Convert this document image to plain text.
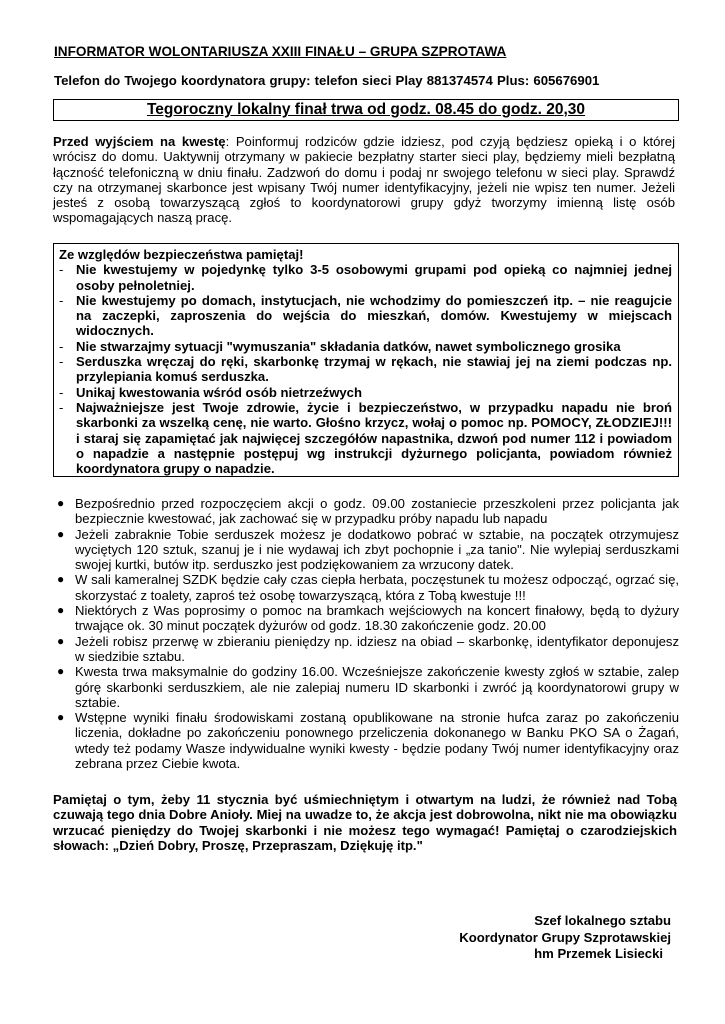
INFORMATOR WOLONTARIUSZA XXIII FINAŁU – GRUPA SZPROTAWA
Telefon do Twojego koordynatora grupy: telefon sieci Play 881374574 Plus: 605676901
Tegoroczny lokalny finał trwa od godz. 08.45 do godz. 20,30
Przed wyjściem na kwestę: Poinformuj rodziców gdzie idziesz, pod czyją będziesz opieką i o której wrócisz do domu. Uaktywnij otrzymany w pakiecie bezpłatny starter sieci play, będziemy mieli bezpłatną łączność telefoniczną w dniu finału. Zadzwoń do domu i podaj nr swojego telefonu w sieci play. Sprawdź czy na otrzymanej skarbonce jest wpisany Twój numer identyfikacyjny, jeżeli nie wpisz ten numer. Jeżeli jesteś z osobą towarzyszącą zgłoś to koordynatorowi grupy gdyż tworzymy imienną listę osób wspomagających naszą pracę.

Ze względów bezpieczeństwa pamiętaj!

- Nie kwestujemy w pojedynkę tylko 3-5 osobowymi grupami pod opieką co najmniej jednej osoby pełnoletniej.
- Nie kwestujemy po domach, instytucjach, nie wchodzimy do pomieszczeń itp. – nie reagujcie na zaczepki, zaproszenia do wejścia do mieszkań, domów. Kwestujemy w miejscach widocznych.
- Nie stwarzajmy sytuacji "wymuszania" składania datków, nawet symbolicznego grosika
- Serduszka wręczaj do ręki, skarbonkę trzymaj w rękach, nie stawiaj jej na ziemi podczas np. przylepiania komuś serduszka.
- Unikaj kwestowania wśród osób nietrzeźwych
- Najważniejsze jest Twoje zdrowie, życie i bezpieczeństwo, w przypadku napadu nie broń skarbonki za wszelką cenę, nie warto. Głośno krzycz, wołaj o pomoc np. POMOCY, ZŁODZIEJ!!! i staraj się zapamiętać jak najwięcej szczegółów napastnika, dzwoń pod numer 112 i powiadom o napadzie a następnie postępuj wg instrukcji dyżurnego policjanta, powiadom również koordynatora grupy o napadzie.
● Bezpośrednio przed rozpoczęciem akcji o godz. 09.00 zostaniecie przeszkoleni przez policjanta jak bezpiecznie kwestować, jak zachować się w przypadku próby napadu lub napadu
● Jeżeli zabraknie Tobie serduszek możesz je dodatkowo pobrać w sztabie, na początek otrzymujesz wyciętych 120 sztuk, szanuj je i nie wydawaj ich zbyt pochopnie i „za tanio". Nie wylepiaj serduszkami swojej kurtki, butów itp. serduszko jest podziękowaniem za wrzucony datek.
● W sali kameralnej SZDK będzie cały czas ciepła herbata, poczęstunek tu możesz odpocząć, ogrzać się, skorzystać z toalety, zaproś też osobę towarzyszącą, która z Tobą kwestuje !!!
● Niektórych z Was poprosimy o pomoc na bramkach wejściowych na koncert finałowy, będą to dyżury trwające ok. 30 minut początek dyżurów od godz. 18.30 zakończenie godz. 20.00
● Jeżeli robisz przerwę w zbieraniu pieniędzy np. idziesz na obiad – skarbonkę, identyfikator deponujesz w siedzibie sztabu.
● Kwesta trwa maksymalnie do godziny 16.00. Wcześniejsze zakończenie kwesty zgłoś w sztabie, zalep górę skarbonki serduszkiem, ale nie zalepiaj numeru ID skarbonki i zwróć ją koordynatorowi grupy w sztabie.
● Wstępne wyniki finału środowiskami zostaną opublikowane na stronie hufca zaraz po zakończeniu liczenia, dokładne po zakończeniu ponownego przeliczenia dokonanego w Banku PKO SA o Żagań, wtedy też podamy Wasze indywidualne wyniki kwesty - będzie podany Twój numer identyfikacyjny oraz zebrana przez Ciebie kwota.
Pamiętaj o tym, żeby 11 stycznia być uśmiechniętym i otwartym na ludzi, że również nad Tobą czuwają tego dnia Dobre Anioły. Miej na uwadze to, że akcja jest dobrowolna, nikt nie ma obowiązku wrzucać pieniędzy do Twojej skarbonki i nie możesz tego wymagać! Pamiętaj o czarodziejskich słowach: „Dzień Dobry, Proszę, Przepraszam, Dziękuję itp."
Szef lokalnego sztabu
Koordynator Grupy Szprotawskiej
hm Przemek Lisiecki
